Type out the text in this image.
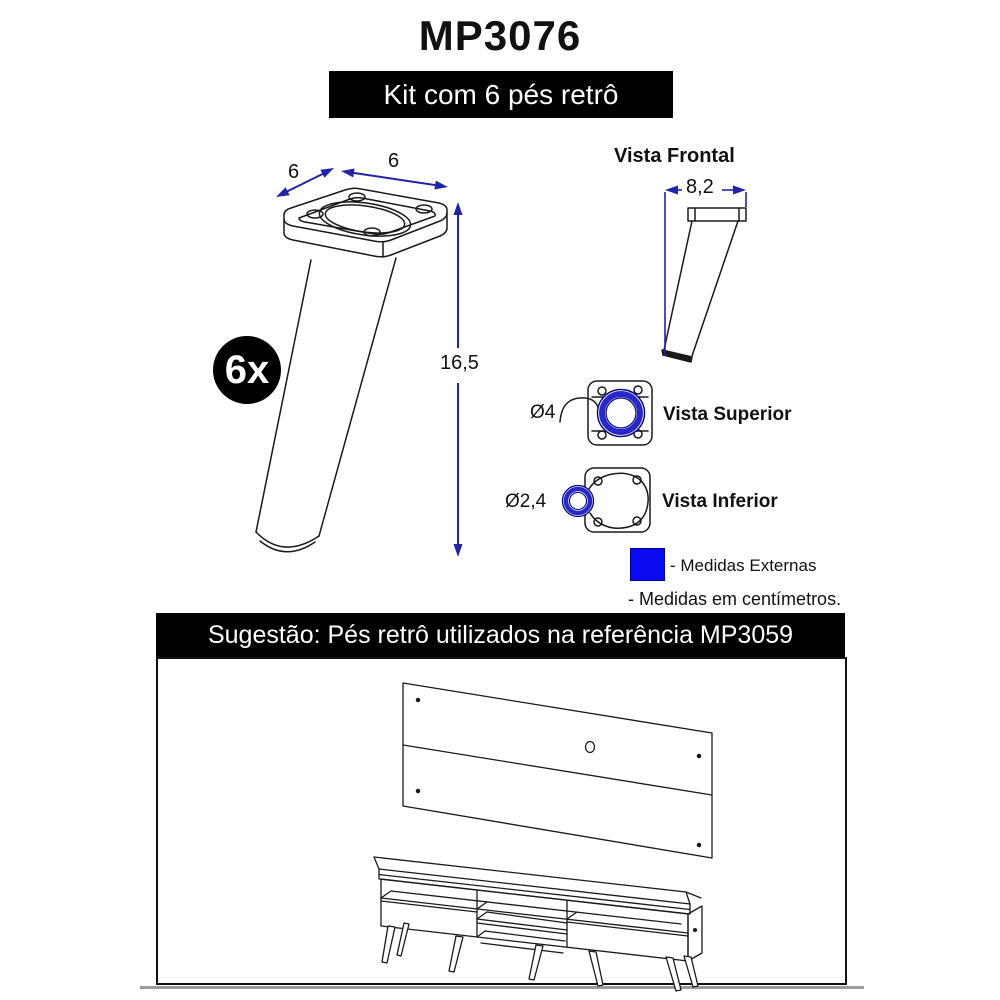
MP3076
Kit com 6 pés retrô
Sugestão: Pés retrô utilizados na referência MP3059
6	6
16,5
8,2
Vista Frontal
Vista Superior
Vista Inferior
Ø4
Ø2,4
6x
- Medidas Externas
- Medidas em centímetros.
